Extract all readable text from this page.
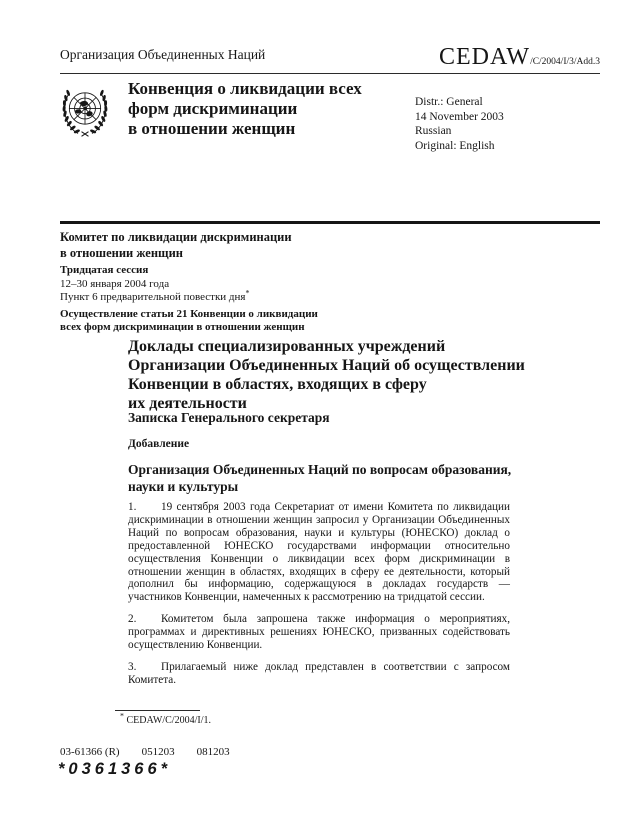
Организация Объединенных Наций	CEDAW/C/2004/I/3/Add.3
Конвенция о ликвидации всех
форм дискриминации
в отношении женщин
Distr.: General
14 November 2003
Russian
Original: English
Комитет по ликвидации дискриминации
в отношении женщин
Тридцатая сессия
12–30 января 2004 года
Пункт 6 предварительной повестки дня*
Осуществление статьи 21 Конвенции о ликвидации
всех форм дискриминации в отношении женщин
Доклады специализированных учреждений
Организации Объединенных Наций об осуществлении
Конвенции в областях, входящих в сферу
их деятельности
Записка Генерального секретаря
Добавление
Организация Объединенных Наций по вопросам образования,
науки и культуры
1. 19 сентября 2003 года Секретариат от имени Комитета по ликвидации дискриминации в отношении женщин запросил у Организации Объединенных Наций по вопросам образования, науки и культуры (ЮНЕСКО) доклад о предоставленной ЮНЕСКО государствами информации относительно осуществления Конвенции о ликвидации всех форм дискриминации в отношении женщин в областях, входящих в сферу ее деятельности, который дополнил бы информацию, содержащуюся в докладах государств — участников Конвенции, намеченных к рассмотрению на тридцатой сессии.
2. Комитетом была запрошена также информация о мероприятиях, программах и директивных решениях ЮНЕСКО, призванных содействовать осуществлению Конвенции.
3. Прилагаемый ниже доклад представлен в соответствии с запросом Комитета.
* CEDAW/C/2004/I/1.
03-61366 (R) 051203 081203
*0361366*
